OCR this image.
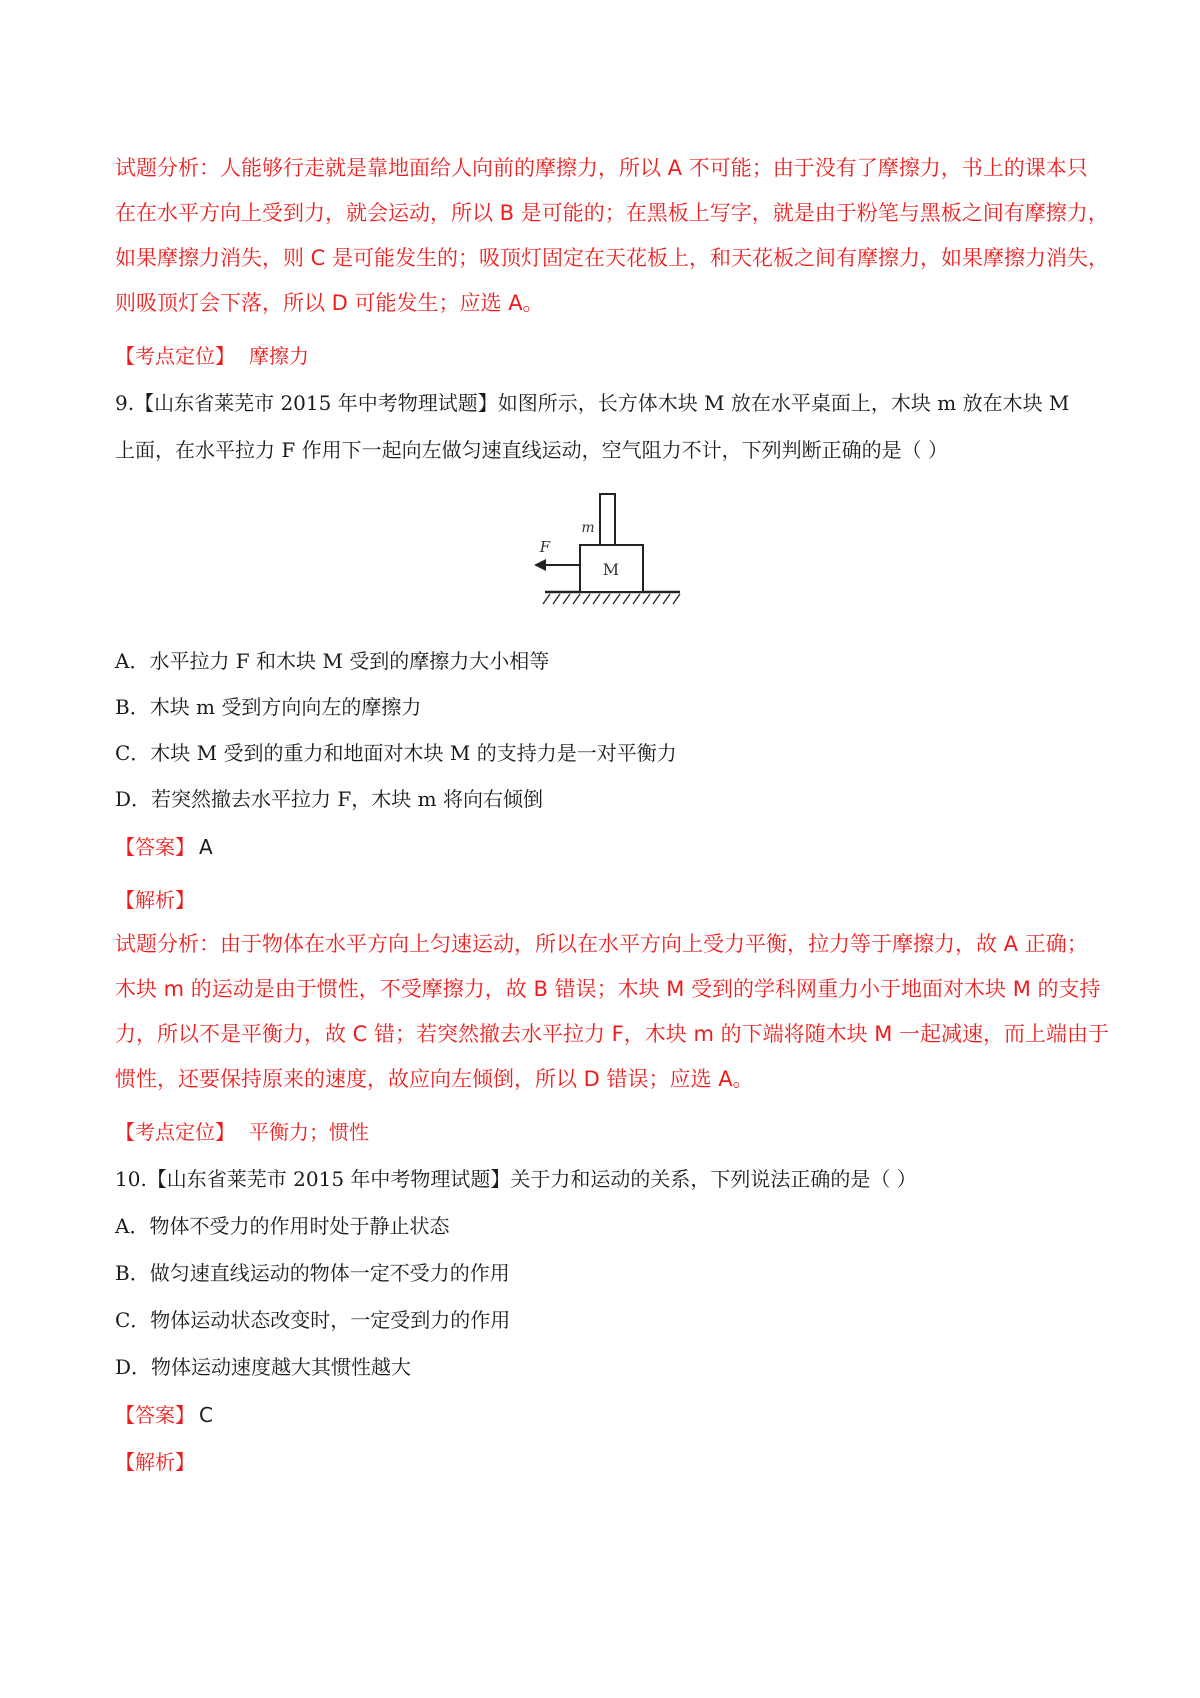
试题分析：人能够行走就是靠地面给人向前的摩擦力，所以 A 不可能；由于没有了摩擦力，书上的课本只
在在水平方向上受到力，就会运动，所以 B 是可能的；在黑板上写字，就是由于粉笔与黑板之间有摩擦力，
如果摩擦力消失，则 C 是可能发生的；吸顶灯固定在天花板上，和天花板之间有摩擦力，如果摩擦力消失，
则吸顶灯会下落，所以 D 可能发生；应选 A。
【考点定位】 摩擦力
9.【山东省莱芜市 2015 年中考物理试题】如图所示，长方体木块 M 放在水平桌面上，木块 m 放在木块 M
上面，在水平拉力 F 作用下一起向左做匀速直线运动，空气阻力不计，下列判断正确的是（ ）
M
m
F
A．水平拉力 F 和木块 M 受到的摩擦力大小相等
B．木块 m 受到方向向左的摩擦力
C．木块 M 受到的重力和地面对木块 M 的支持力是一对平衡力
D．若突然撤去水平拉力 F，木块 m 将向右倾倒
【答案】 A
【解析】
试题分析：由于物体在水平方向上匀速运动，所以在水平方向上受力平衡，拉力等于摩擦力，故 A 正确；
木块 m 的运动是由于惯性，不受摩擦力，故 B 错误；木块 M 受到的学科网重力小于地面对木块 M 的支持
力，所以不是平衡力，故 C 错；若突然撤去水平拉力 F，木块 m 的下端将随木块 M 一起减速，而上端由于
惯性，还要保持原来的速度，故应向左倾倒，所以 D 错误；应选 A。
【考点定位】 平衡力；惯性
10.【山东省莱芜市 2015 年中考物理试题】关于力和运动的关系，下列说法正确的是（ ）
A．物体不受力的作用时处于静止状态
B．做匀速直线运动的物体一定不受力的作用
C．物体运动状态改变时，一定受到力的作用
D．物体运动速度越大其惯性越大
【答案】 C
【解析】
